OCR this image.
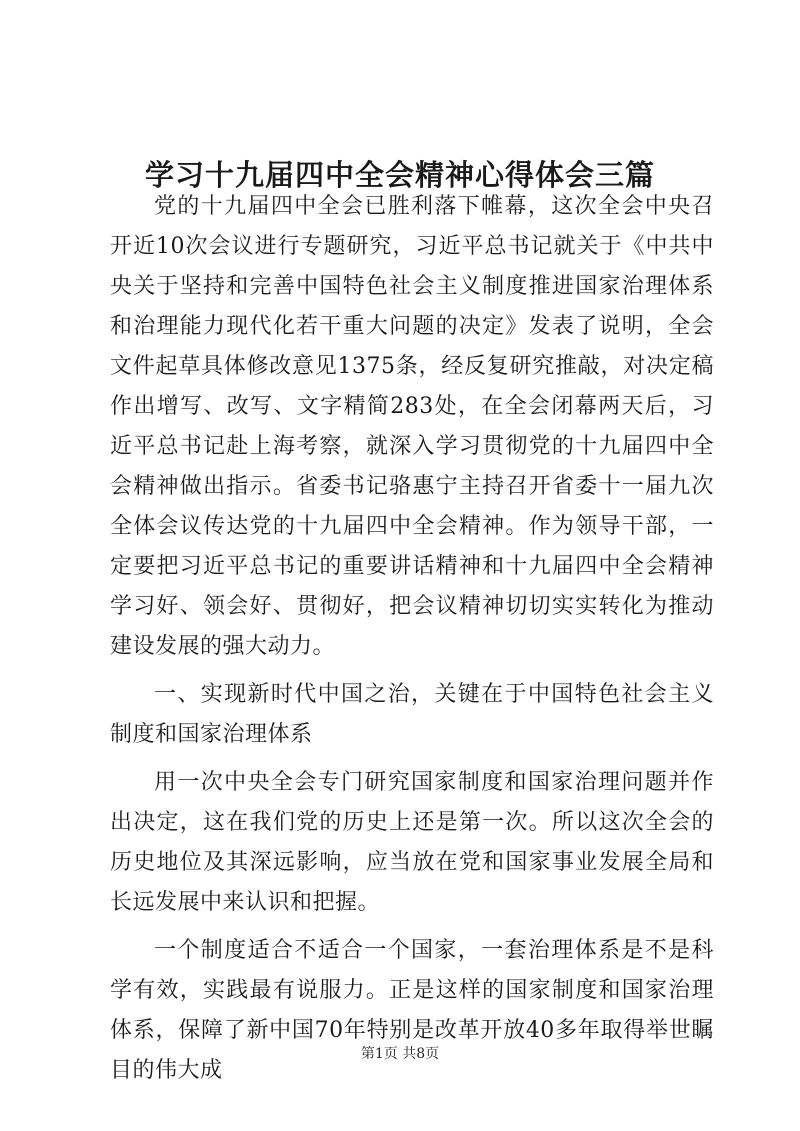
学习十九届四中全会精神心得体会三篇

党的十九届四中全会已胜利落下帷幕，这次全会中央召开近10次会议进行专题研究，习近平总书记就关于《中共中央关于坚持和完善中国特色社会主义制度推进国家治理体系和治理能力现代化若干重大问题的决定》发表了说明，全会文件起草具体修改意见1375条，经反复研究推敲，对决定稿作出增写、改写、文字精简283处，在全会闭幕两天后，习近平总书记赴上海考察，就深入学习贯彻党的十九届四中全会精神做出指示。省委书记骆惠宁主持召开省委十一届九次全体会议传达党的十九届四中全会精神。作为领导干部，一定要把习近平总书记的重要讲话精神和十九届四中全会精神学习好、领会好、贯彻好，把会议精神切切实实转化为推动建设发展的强大动力。

一、实现新时代中国之治，关键在于中国特色社会主义制度和国家治理体系

用一次中央全会专门研究国家制度和国家治理问题并作出决定，这在我们党的历史上还是第一次。所以这次全会的历史地位及其深远影响，应当放在党和国家事业发展全局和长远发展中来认识和把握。

一个制度适合不适合一个国家，一套治理体系是不是科学有效，实践最有说服力。正是这样的国家制度和国家治理体系，保障了新中国70年特别是改革开放40多年取得举世瞩目的伟大成

第1页 共8页
